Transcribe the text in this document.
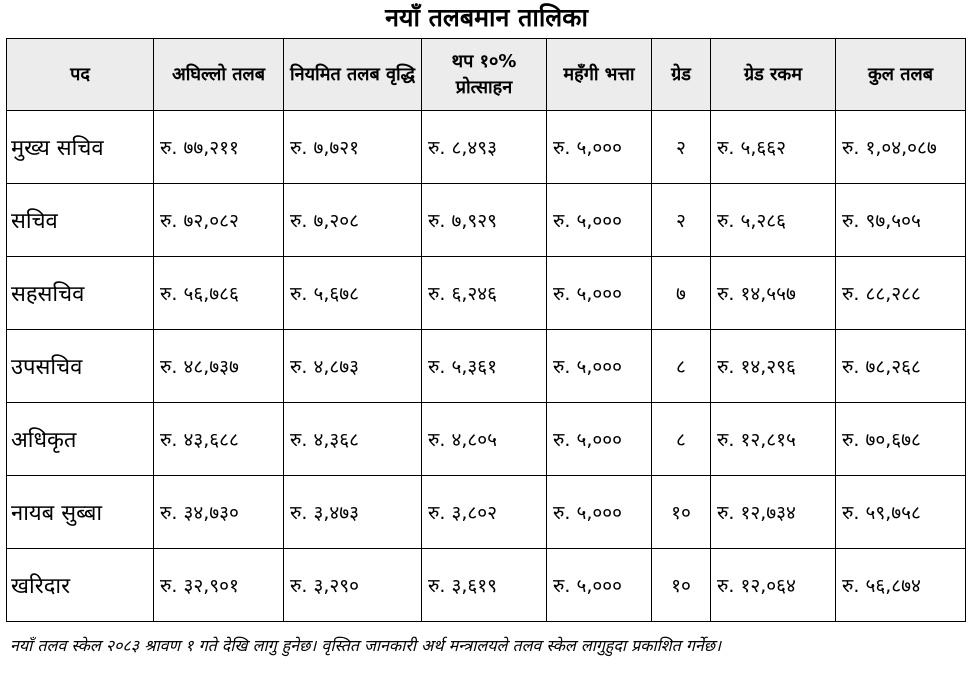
नयाँ तलबमान तालिका
पद	अघिल्लो तलब	नियमित तलब वृद्धि	थप १०% प्रोत्साहन	महँगी भत्ता	ग्रेड	ग्रेड रकम	कुल तलब
मुख्य सचिव	रु. ७७,२११	रु. ७,७२१	रु. ८,४९३	रु. ५,०००	२	रु. ५,६६२	रु. १,०४,०८७
सचिव	रु. ७२,०८२	रु. ७,२०८	रु. ७,९२९	रु. ५,०००	२	रु. ५,२८६	रु. ९७,५०५
सहसचिव	रु. ५६,७८६	रु. ५,६७८	रु. ६,२४६	रु. ५,०००	७	रु. १४,५५७	रु. ८८,२८८
उपसचिव	रु. ४८,७३७	रु. ४,८७३	रु. ५,३६१	रु. ५,०००	८	रु. १४,२९६	रु. ७८,२६८
अधिकृत	रु. ४३,६८८	रु. ४,३६८	रु. ४,८०५	रु. ५,०००	८	रु. १२,८१५	रु. ७०,६७८
नायब सुब्बा	रु. ३४,७३०	रु. ३,४७३	रु. ३,८०२	रु. ५,०००	१०	रु. १२,७३४	रु. ५९,७५८
खरिदार	रु. ३२,९०१	रु. ३,२९०	रु. ३,६१९	रु. ५,०००	१०	रु. १२,०६४	रु. ५६,८७४
नयाँ तलव स्केल २०८३ श्रावण १ गते देखि लागु हुनेछ। वृस्तित जानकारी अर्थ मन्त्रालयले तलव स्केल लागुहुदा प्रकाशित गर्नेछ।
